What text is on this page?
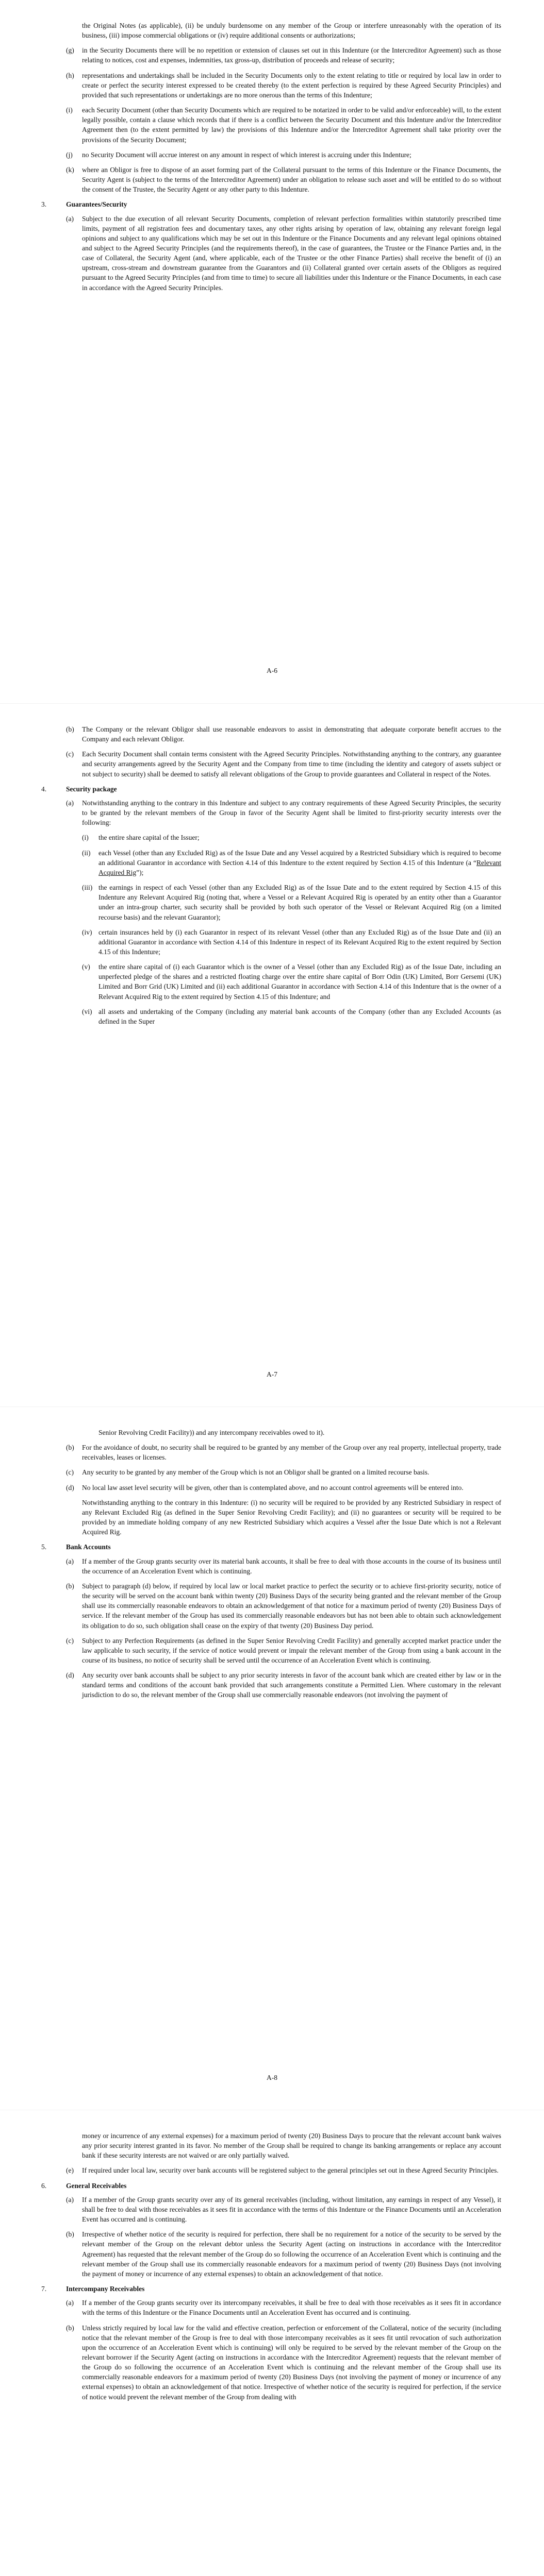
the Original Notes (as applicable), (ii) be unduly burdensome on any member of the Group or interfere unreasonably with the operation of its business, (iii) impose commercial obligations or (iv) require additional consents or authorizations;

(g) in the Security Documents there will be no repetition or extension of clauses set out in this Indenture (or the Intercreditor Agreement) such as those relating to notices, cost and expenses, indemnities, tax gross-up, distribution of proceeds and release of security;
(h) representations and undertakings shall be included in the Security Documents only to the extent relating to title or required by local law in order to create or perfect the security interest expressed to be created thereby (to the extent perfection is required by these Agreed Security Principles) and provided that such representations or undertakings are no more onerous than the terms of this Indenture;
(i) each Security Document (other than Security Documents which are required to be notarized in order to be valid and/or enforceable) will, to the extent legally possible, contain a clause which records that if there is a conflict between the Security Document and this Indenture and/or the Intercreditor Agreement then (to the extent permitted by law) the provisions of this Indenture and/or the Intercreditor Agreement shall take priority over the provisions of the Security Document;
(j) no Security Document will accrue interest on any amount in respect of which interest is accruing under this Indenture;
(k) where an Obligor is free to dispose of an asset forming part of the Collateral pursuant to the terms of this Indenture or the Finance Documents, the Security Agent is (subject to the terms of the Intercreditor Agreement) under an obligation to release such asset and will be entitled to do so without the consent of the Trustee, the Security Agent or any other party to this Indenture.
3.	Guarantees/Security
(a) Subject to the due execution of all relevant Security Documents, completion of relevant perfection formalities within statutorily prescribed time limits, payment of all registration fees and documentary taxes, any other rights arising by operation of law, obtaining any relevant foreign legal opinions and subject to any qualifications which may be set out in this Indenture or the Finance Documents and any relevant legal opinions obtained and subject to the Agreed Security Principles (and the requirements thereof), in the case of guarantees, the Trustee or the Finance Parties and, in the case of Collateral, the Security Agent (and, where applicable, each of the Trustee or the other Finance Parties) shall receive the benefit of (i) an upstream, cross-stream and downstream guarantee from the Guarantors and (ii) Collateral granted over certain assets of the Obligors as required pursuant to the Agreed Security Principles (and from time to time) to secure all liabilities under this Indenture or the Finance Documents, in each case in accordance with the Agreed Security Principles.
A-6
(b) The Company or the relevant Obligor shall use reasonable endeavors to assist in demonstrating that adequate corporate benefit accrues to the Company and each relevant Obligor.
(c) Each Security Document shall contain terms consistent with the Agreed Security Principles. Notwithstanding anything to the contrary, any guarantee and security arrangements agreed by the Security Agent and the Company from time to time (including the identity and category of assets subject or not subject to security) shall be deemed to satisfy all relevant obligations of the Group to provide guarantees and Collateral in respect of the Notes.
4.	Security package
(a) Notwithstanding anything to the contrary in this Indenture and subject to any contrary requirements of these Agreed Security Principles, the security to be granted by the relevant members of the Group in favor of the Security Agent shall be limited to first-priority security interests over the following:
(i) the entire share capital of the Issuer;
(ii) each Vessel (other than any Excluded Rig) as of the Issue Date and any Vessel acquired by a Restricted Subsidiary which is required to become an additional Guarantor in accordance with Section 4.14 of this Indenture to the extent required by Section 4.15 of this Indenture (a “Relevant Acquired Rig”);
(iii) the earnings in respect of each Vessel (other than any Excluded Rig) as of the Issue Date and to the extent required by Section 4.15 of this Indenture any Relevant Acquired Rig (noting that, where a Vessel or a Relevant Acquired Rig is operated by an entity other than a Guarantor under an intra-group charter, such security shall be provided by both such operator of the Vessel or Relevant Acquired Rig (on a limited recourse basis) and the relevant Guarantor);
(iv) certain insurances held by (i) each Guarantor in respect of its relevant Vessel (other than any Excluded Rig) as of the Issue Date and (ii) an additional Guarantor in accordance with Section 4.14 of this Indenture in respect of its Relevant Acquired Rig to the extent required by Section 4.15 of this Indenture;
(v) the entire share capital of (i) each Guarantor which is the owner of a Vessel (other than any Excluded Rig) as of the Issue Date, including an unperfected pledge of the shares and a restricted floating charge over the entire share capital of Borr Odin (UK) Limited, Borr Gersemi (UK) Limited and Borr Grid (UK) Limited and (ii) each additional Guarantor in accordance with Section 4.14 of this Indenture that is the owner of a Relevant Acquired Rig to the extent required by Section 4.15 of this Indenture; and
(vi) all assets and undertaking of the Company (including any material bank accounts of the Company (other than any Excluded Accounts (as defined in the Super
A-7

Senior Revolving Credit Facility)) and any intercompany receivables owed to it).

(b) For the avoidance of doubt, no security shall be required to be granted by any member of the Group over any real property, intellectual property, trade receivables, leases or licenses.
(c) Any security to be granted by any member of the Group which is not an Obligor shall be granted on a limited recourse basis.
(d) No local law asset level security will be given, other than is contemplated above, and no account control agreements will be entered into.

Notwithstanding anything to the contrary in this Indenture: (i) no security will be required to be provided by any Restricted Subsidiary in respect of any Relevant Excluded Rig (as defined in the Super Senior Revolving Credit Facility); and (ii) no guarantees or security will be required to be provided by an immediate holding company of any new Restricted Subsidiary which acquires a Vessel after the Issue Date which is not a Relevant Acquired Rig.

5.	Bank Accounts
(a) If a member of the Group grants security over its material bank accounts, it shall be free to deal with those accounts in the course of its business until the occurrence of an Acceleration Event which is continuing.
(b) Subject to paragraph (d) below, if required by local law or local market practice to perfect the security or to achieve first-priority security, notice of the security will be served on the account bank within twenty (20) Business Days of the security being granted and the relevant member of the Group shall use its commercially reasonable endeavors to obtain an acknowledgement of that notice for a maximum period of twenty (20) Business Days of service. If the relevant member of the Group has used its commercially reasonable endeavors but has not been able to obtain such acknowledgement its obligation to do so, such obligation shall cease on the expiry of that twenty (20) Business Day period.
(c) Subject to any Perfection Requirements (as defined in the Super Senior Revolving Credit Facility) and generally accepted market practice under the law applicable to such security, if the service of notice would prevent or impair the relevant member of the Group from using a bank account in the course of its business, no notice of security shall be served until the occurrence of an Acceleration Event which is continuing.
(d) Any security over bank accounts shall be subject to any prior security interests in favor of the account bank which are created either by law or in the standard terms and conditions of the account bank provided that such arrangements constitute a Permitted Lien. Where customary in the relevant jurisdiction to do so, the relevant member of the Group shall use commercially reasonable endeavors (not involving the payment of
A-8

money or incurrence of any external expenses) for a maximum period of twenty (20) Business Days to procure that the relevant account bank waives any prior security interest granted in its favor. No member of the Group shall be required to change its banking arrangements or replace any account bank if these security interests are not waived or are only partially waived.

(e) If required under local law, security over bank accounts will be registered subject to the general principles set out in these Agreed Security Principles.
6.	General Receivables
(a) If a member of the Group grants security over any of its general receivables (including, without limitation, any earnings in respect of any Vessel), it shall be free to deal with those receivables as it sees fit in accordance with the terms of this Indenture or the Finance Documents until an Acceleration Event has occurred and is continuing.
(b) Irrespective of whether notice of the security is required for perfection, there shall be no requirement for a notice of the security to be served by the relevant member of the Group on the relevant debtor unless the Security Agent (acting on instructions in accordance with the Intercreditor Agreement) has requested that the relevant member of the Group do so following the occurrence of an Acceleration Event which is continuing and the relevant member of the Group shall use its commercially reasonable endeavors for a maximum period of twenty (20) Business Days (not involving the payment of money or incurrence of any external expenses) to obtain an acknowledgement of that notice.
7.	Intercompany Receivables
(a) If a member of the Group grants security over its intercompany receivables, it shall be free to deal with those receivables as it sees fit in accordance with the terms of this Indenture or the Finance Documents until an Acceleration Event has occurred and is continuing.
(b) Unless strictly required by local law for the valid and effective creation, perfection or enforcement of the Collateral, notice of the security (including notice that the relevant member of the Group is free to deal with those intercompany receivables as it sees fit until revocation of such authorization upon the occurrence of an Acceleration Event which is continuing) will only be required to be served by the relevant member of the Group on the relevant borrower if the Security Agent (acting on instructions in accordance with the Intercreditor Agreement) requests that the relevant member of the Group do so following the occurrence of an Acceleration Event which is continuing and the relevant member of the Group shall use its commercially reasonable endeavors for a maximum period of twenty (20) Business Days (not involving the payment of money or incurrence of any external expenses) to obtain an acknowledgement of that notice. Irrespective of whether notice of the security is required for perfection, if the service of notice would prevent the relevant member of the Group from dealing with
